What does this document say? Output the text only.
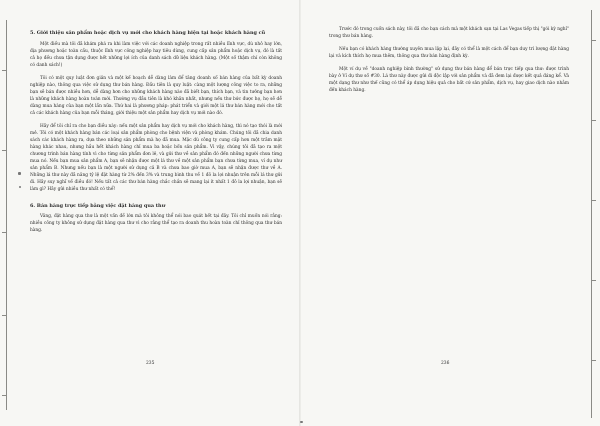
5. Giới thiệu sản phẩm hoặc dịch vụ mới cho khách hàng hiện tại hoặc khách hàng cũ

Một điều mà tôi đã khám phá ra khi làm việc với các doanh nghiệp trong rất nhiều lĩnh vực, dù nhỏ hay lớn, địa phương hoặc toàn cầu, thuộc lĩnh vực công nghiệp hay tiêu dùng, cung cấp sản phẩm hoặc dịch vụ, đó là tất cả họ đều chưa tận dụng được hết những lợi ích của danh sách dữ liệu khách hàng. (Một số thậm chí còn không có danh sách!)

Tôi có một quy luật đơn giản và một kế hoạch dễ dàng làm để tăng doanh số bán hàng của bất kỳ doanh nghiệp nào, thông qua việc sử dụng thư bán hàng. Đầu tiên là quy luật: càng một lượng công việc to ra, những bạn sẽ bán được nhiều hơn, dễ dàng hơn cho những khách hàng nào đã biết bạn, thích bạn, và tin tưởng bạn hơn là những khách hàng hoàn toàn mới. Thường vụ đầu tiên là khó khăn nhất, nhưng nếu thư bức được họ, họ sẽ dễ dàng mua hàng của bạn một lần nữa. Thứ hai là phương pháp: phát triển và giới một lá thư bán hàng mới cho tất cả các khách hàng của bạn mỗi tháng, giới thiệu một sản phẩm hay dịch vụ mới nào đó.

Hãy để tôi chỉ ra cho bạn điều này: nếu một sản phẩm hay dịch vụ mới cho khách hàng, thì nó tạo thói là mới mẻ. Tôi có một khách hàng bán các loại sản phẩm phòng cho bệnh viện và phòng khám. Chúng tôi đã chia danh sách các khách hàng ra, dựa theo những sản phẩm mà họ đã mua. Mặc dù công ty cung cấp hơn một trăm mặt hàng khác nhau, nhưng hầu hết khách hàng chỉ mua ba hoặc bốn sản phẩm. Vì vậy, chúng tôi đã tạo ra một chương trình bán hàng tính vì cho từng sản phẩm đơn lẻ, và gửi thư về sản phẩm đó đến những người chưa từng mua nó. Nếu bạn mua sản phẩm A, bạn sẽ nhận được một lá thư về một sản phẩm bạn chưa từng mua, ví dụ như sản phẩm B. Nhưng nếu bạn là một người sử dụng cả B và chưa bao giờ mua A, bạn sẽ nhận được thư về A. Những lá thư này đã nâng tỷ lệ đặt hàng từ 2% đến 3% và trung bình thu về 1 đô la lợi nhuận trên mỗi lá thư gửi đi. Hãy suy nghĩ về điều đó! Nếu tất cả các thư bán hàng chắc chắn sẽ mang lại ít nhất 1 đô la lợi nhuận, bạn sẽ làm gì? Hãy gửi nhiều thư nhất có thể!

6. Bán hàng trực tiếp bằng việc đặt hàng qua thư

Vâng, đặt hàng qua thư là một vấn đề lớn mà tôi không thể nói bao quát hết tại đây. Tôi chỉ muốn nói rằng: nhiều công ty không sử dụng đặt hàng qua thư vì cho rằng thể tạo ra doanh thu hoàn toàn chỉ thông qua thư bán hàng.

235

Trước đó trong cuốn sách này, tôi đã cho bạn cách mà một khách sạn tại Las Vegas tiếp thị "gói kỳ nghỉ" trong thư bán hàng.

Nếu bạn có khách hàng thường xuyên mua lặp lại, đây có thể là một cách để bạn duy trì lượng đặt hàng lại và kích thích họ mua thêm, thông qua thư bán hàng định kỳ.

Một ví dụ về "doanh nghiệp bình thường" sử dụng thư bán hàng để bán trực tiếp qua thư: được trình bày ở Ví dụ thư số #30. Lá thư này được gửi đi độc lập với sản phẩm và đã đem lại được kết quả đáng kể. Và một dạng thư như thế cũng có thể áp dụng hiệu quả cho bất cứ sản phẩm, dịch vụ, hay giao dịch nào nhằm đến khách hàng.

236
